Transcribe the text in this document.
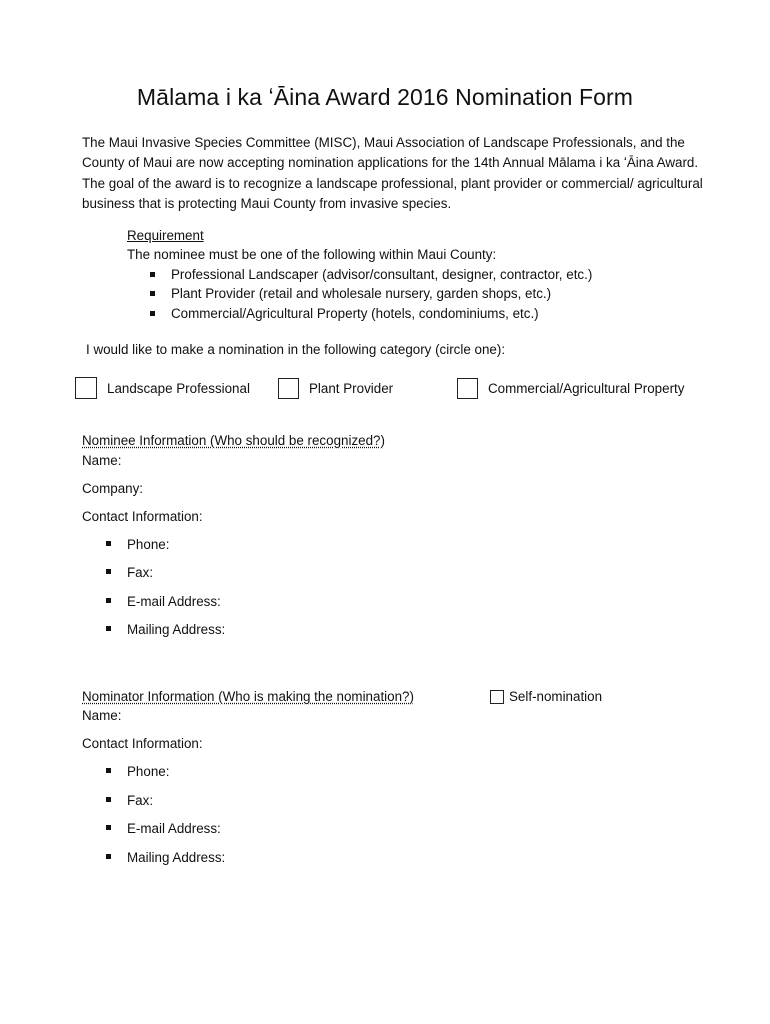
Mālama i ka ʻĀina Award 2016 Nomination Form

The Maui Invasive Species Committee (MISC), Maui Association of Landscape Professionals, and the County of Maui are now accepting nomination applications for the 14th Annual Mālama i ka ʻĀina Award. The goal of the award is to recognize a landscape professional, plant provider or commercial/ agricultural business that is protecting Maui County from invasive species.

Requirement
The nominee must be one of the following within Maui County:
Professional Landscaper (advisor/consultant, designer, contractor, etc.)
Plant Provider (retail and wholesale nursery, garden shops, etc.)
Commercial/Agricultural Property (hotels, condominiums, etc.)
I would like to make a nomination in the following category (circle one):
Landscape Professional	Plant Provider	Commercial/Agricultural Property
Nominee Information (Who should be recognized?)
Name:
Company:
Contact Information:
Phone:
Fax:
E-mail Address:
Mailing Address:
Nominator Information (Who is making the nomination?)	Self-nomination
Name:
Contact Information:
Phone:
Fax:
E-mail Address:
Mailing Address:
